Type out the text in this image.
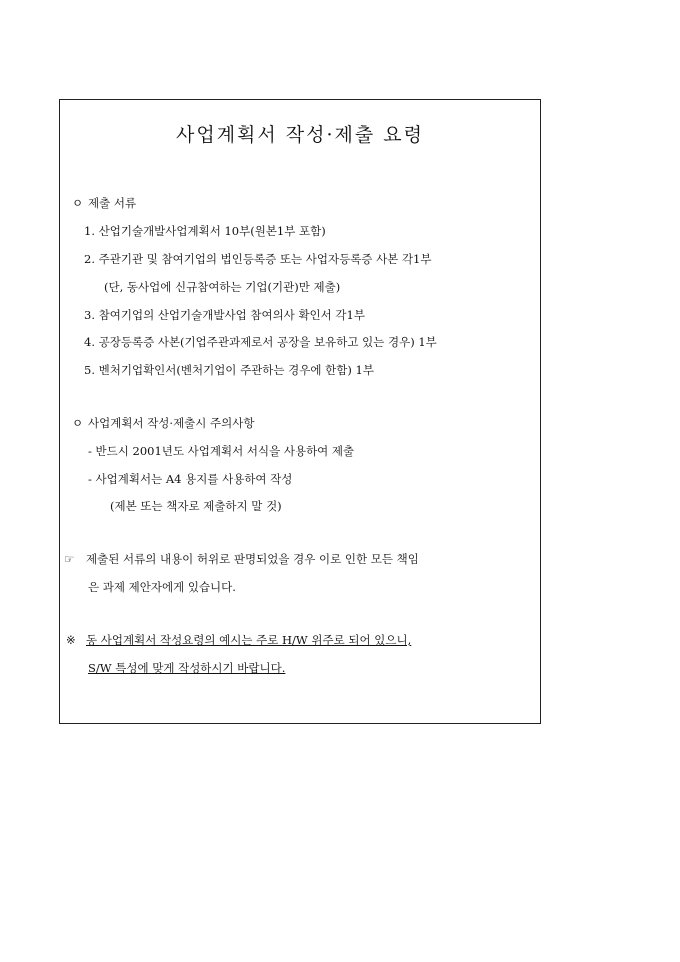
사업계획서 작성·제출 요령
ㅇ 제출 서류
1. 산업기술개발사업계획서 10부(원본1부 포함)
2. 주관기관 및 참여기업의 법인등록증 또는 사업자등록증 사본 각1부
(단, 동사업에 신규참여하는 기업(기관)만 제출)
3. 참여기업의 산업기술개발사업 참여의사 확인서 각1부
4. 공장등록증 사본(기업주관과제로서 공장을 보유하고 있는 경우) 1부
5. 벤처기업확인서(벤처기업이 주관하는 경우에 한함) 1부
ㅇ 사업계획서 작성·제출시 주의사항
- 반드시 2001년도 사업계획서 서식을 사용하여 제출
- 사업계획서는 A4 용지를 사용하여 작성
(제본 또는 책자로 제출하지 말 것)
☞ 제출된 서류의 내용이 허위로 판명되었을 경우 이로 인한 모든 책임
은 과제 제안자에게 있습니다.
※ 동 사업계획서 작성요령의 예시는 주로 H/W 위주로 되어 있으니,
S/W 특성에 맞게 작성하시기 바랍니다.
